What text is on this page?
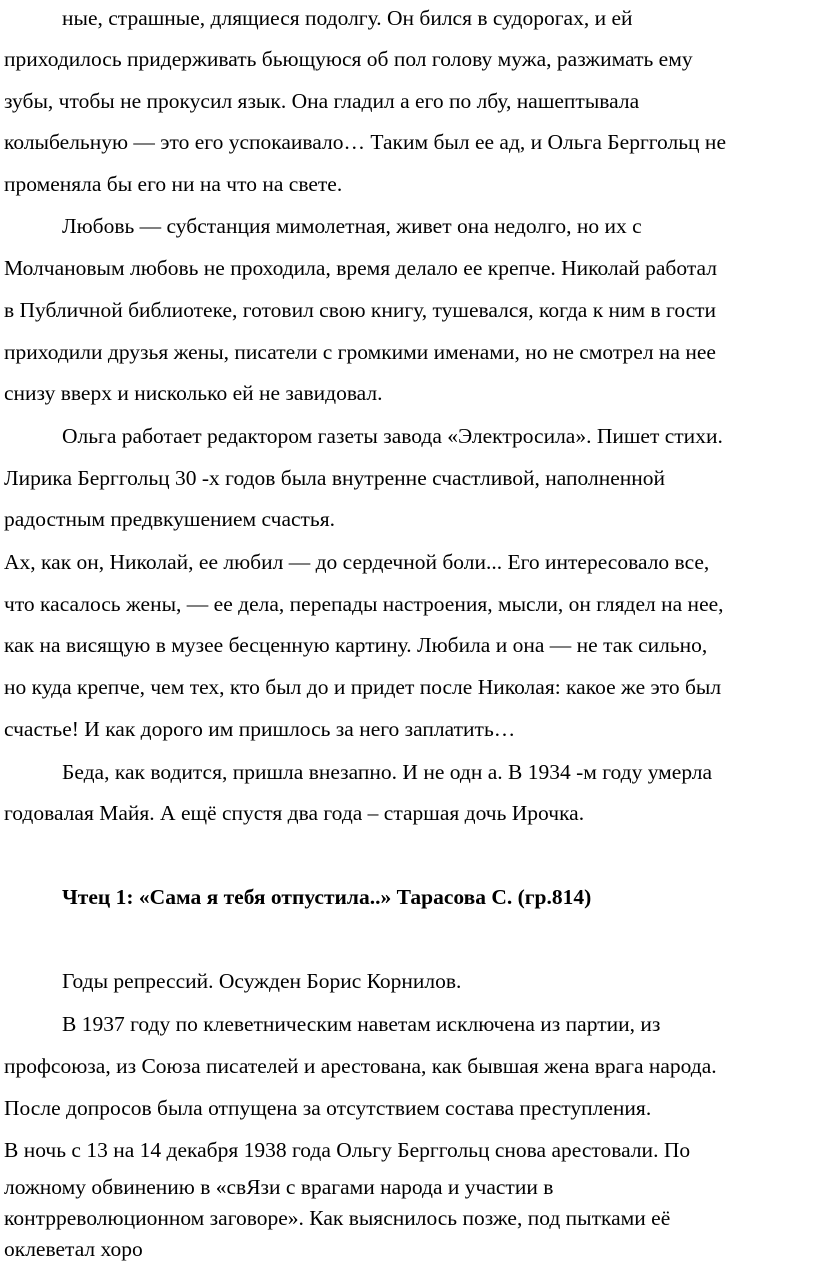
ные, страшные, длящиеся подолгу. Он бился в судорогах, и ей
приходилось придерживать бьющуюся об пол голову мужа, разжимать ему
зубы, чтобы не прокусил язык. Она гладил а его по лбу, нашептывала
колыбельную — это его успокаивало… Таким был ее ад, и Ольга Берггольц не
променяла бы его ни на что на свете.
Любовь — субстанция мимолетная, живет она недолго, но их с
Молчановым любовь не проходила, время делало ее крепче. Николай работал
в Публичной библиотеке, готовил свою книгу, тушевался, когда к ним в гости
приходили друзья жены, писатели с громкими именами, но не смотрел на нее
снизу вверх и нисколько ей не завидовал.
Ольга работает редактором газеты завода «Электросила». Пишет стихи.
Лирика Берггольц 30 -х годов была внутренне счастливой, наполненной
радостным предвкушением счастья.
Ах, как он, Николай, ее любил — до сердечной боли... Его интересовало все,
что касалось жены, — ее дела, перепады настроения, мысли, он глядел на нее,
как на висящую в музее бесценную картину. Любила и она — не так сильно,
но куда крепче, чем тех, кто был до и придет после Николая: какое же это был
счастье! И как дорого им пришлось за него заплатить…
Беда, как водится, пришла внезапно. И не одн а. В 1934 -м году умерла
годовалая Майя. А ещё спустя два года – старшая дочь Ирочка.
Чтец 1: «Сама я тебя отпустила..» Тарасова С. (гр.814)
Годы репрессий. Осужден Борис Корнилов.
В 1937 году по клеветническим наветам исключена из партии, из
профсоюза, из Союза писателей и арестована, как бывшая жена врага народа.
После допросов была отпущена за отсутствием состава преступления.
В ночь с 13 на 14 декабря 1938 года Ольгу Берггольц снова арестовали. По
ложному обвинению в «свЯзи с врагами народа и участии в
контрреволюционном заговоре». Как выяснилось позже, под пытками её
оклеветал хоро
